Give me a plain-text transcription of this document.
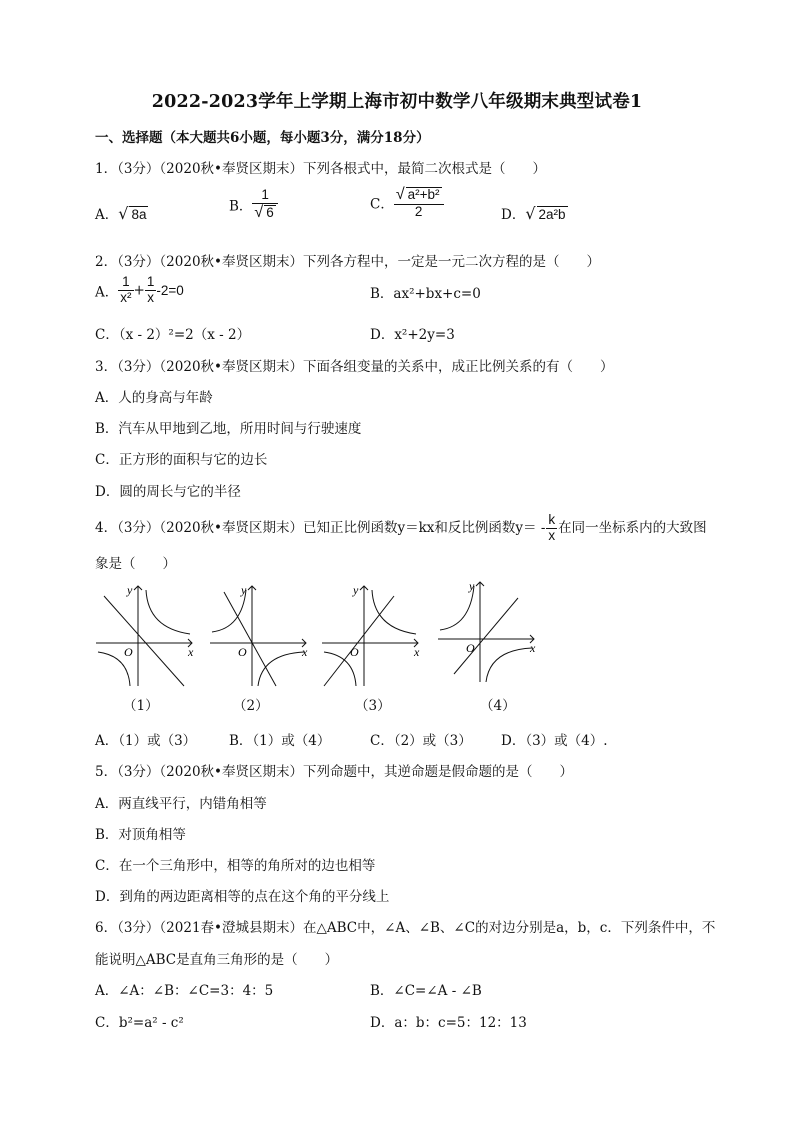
2022-2023学年上学期上海市初中数学八年级期末典型试卷1
一、选择题（本大题共6小题，每小题3分，满分18分）
1．（3分）（2020秋•奉贤区期末）下列各根式中，最简二次根式是（　　）
A．√ 8a	B． $\frac{1}{√ 6}$	C． $\frac{\text{√ a²+b²}}{2}$	D．√ 2a²b
2．（3分）（2020秋•奉贤区期末）下列各方程中，一定是一元二次方程的是（　　）
A． $\frac{1}{\text{x²}} + \frac{1}{x} -2=0$	B．ax²+bx+c=0
C．（x - 2）²=2（x - 2）	D．x²+2y=3
3．（3分）（2020秋•奉贤区期末）下面各组变量的关系中，成正比例关系的有（　　）
A．人的身高与年龄
B．汽车从甲地到乙地，所用时间与行驶速度
C．正方形的面积与它的边长
D．圆的周长与它的半径
4．（3分）（2020秋•奉贤区期末）已知正比例函数y＝kx和反比例函数$y= - \frac{k}{x}$ 在同一坐标系内的大致图
象是（　　）
y
x
O
y
x
O
y
x
O
y
x
O
（1）	（2）	（3）	（4）
A．（1）或（3） B．（1）或（4）	C．（2）或（3） D．（3）或（4）.
5．（3分）（2020秋•奉贤区期末）下列命题中，其逆命题是假命题的是（　　）
A．两直线平行，内错角相等
B．对顶角相等
C．在一个三角形中，相等的角所对的边也相等
D．到角的两边距离相等的点在这个角的平分线上
6．（3分）（2021春•澄城县期末）在△ABC中，∠A、∠B、∠C的对边分别是a，b，c．下列条件中，不
能说明△ABC是直角三角形的是（　　）
A．∠A：∠B：∠C=3：4：5	B．∠C=∠A - ∠B
C．b²=a² - c²	D．a：b：c=5：12：13
